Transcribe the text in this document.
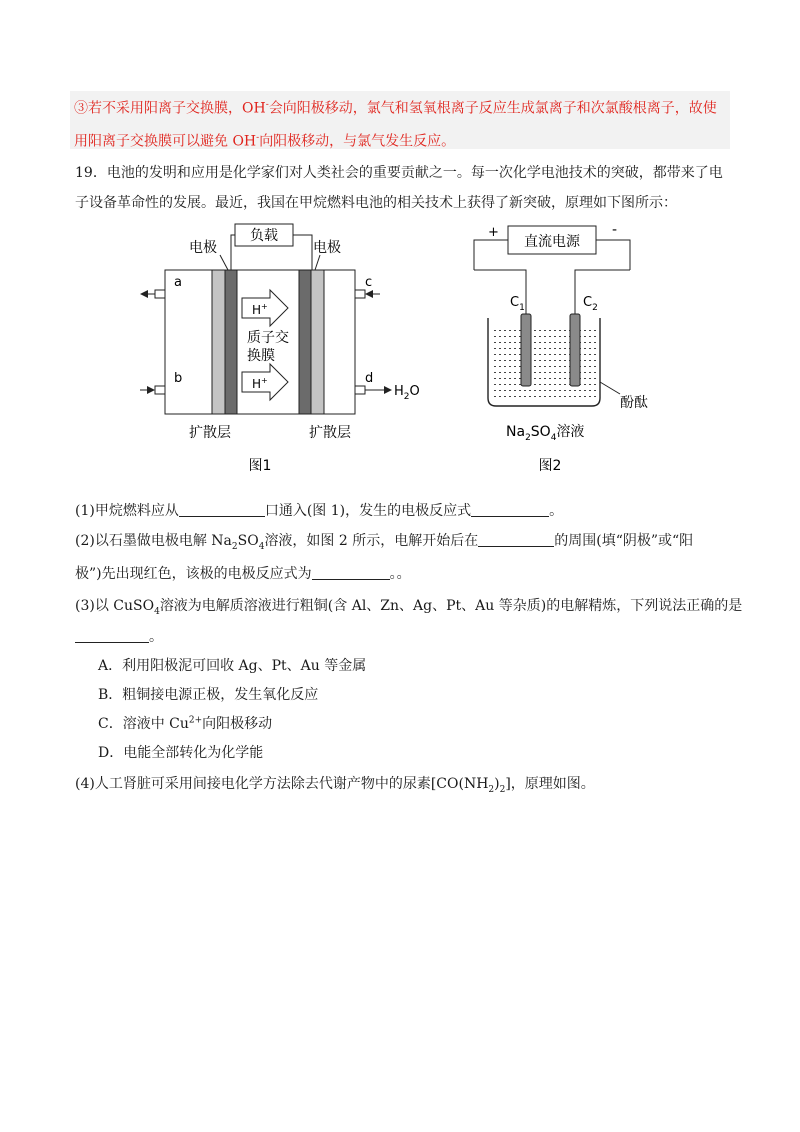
③若不采用阳离子交换膜，OH-会向阳极移动，氯气和氢氧根离子反应生成氯离子和次氯酸根离子，故使
用阳离子交换膜可以避免 OH-向阳极移动，与氯气发生反应。
19．电池的发明和应用是化学家们对人类社会的重要贡献之一。每一次化学电池技术的突破，都带来了电
子设备革命性的发展。最近，我国在甲烷燃料电池的相关技术上获得了新突破，原理如下图所示：
负载
电极	电极
a
b
c
d
$H_2O$
H+
质子交
换膜
H+
扩散层	扩散层
图1
+	-
直流电源
$C_1$	$C_2$
酚酞
$Na_2SO_4$溶液
图2
(1)甲烷燃料应从	口通入(图 1)，发生的电极反应式	。
(2)以石墨做电极电解 $Na_2SO_4$溶液，如图 2 所示，电解开始后在	的周围(填“阴极”或“阳
极”)先出现红色，该极的电极反应式为	。。
(3)以 CuSO$_4$溶液为电解质溶液进行粗铜(含 Al、Zn、Ag、Pt、Au 等杂质)的电解精炼，下列说法正确的是
。
A．利用阳极泥可回收 Ag、Pt、Au 等金属
B．粗铜接电源正极，发生氧化反应
C．溶液中 $Cu^{2+}$向阳极移动
D．电能全部转化为化学能
(4)人工肾脏可采用间接电化学方法除去代谢产物中的尿素$[CO(NH_2)_2]$，原理如图。
